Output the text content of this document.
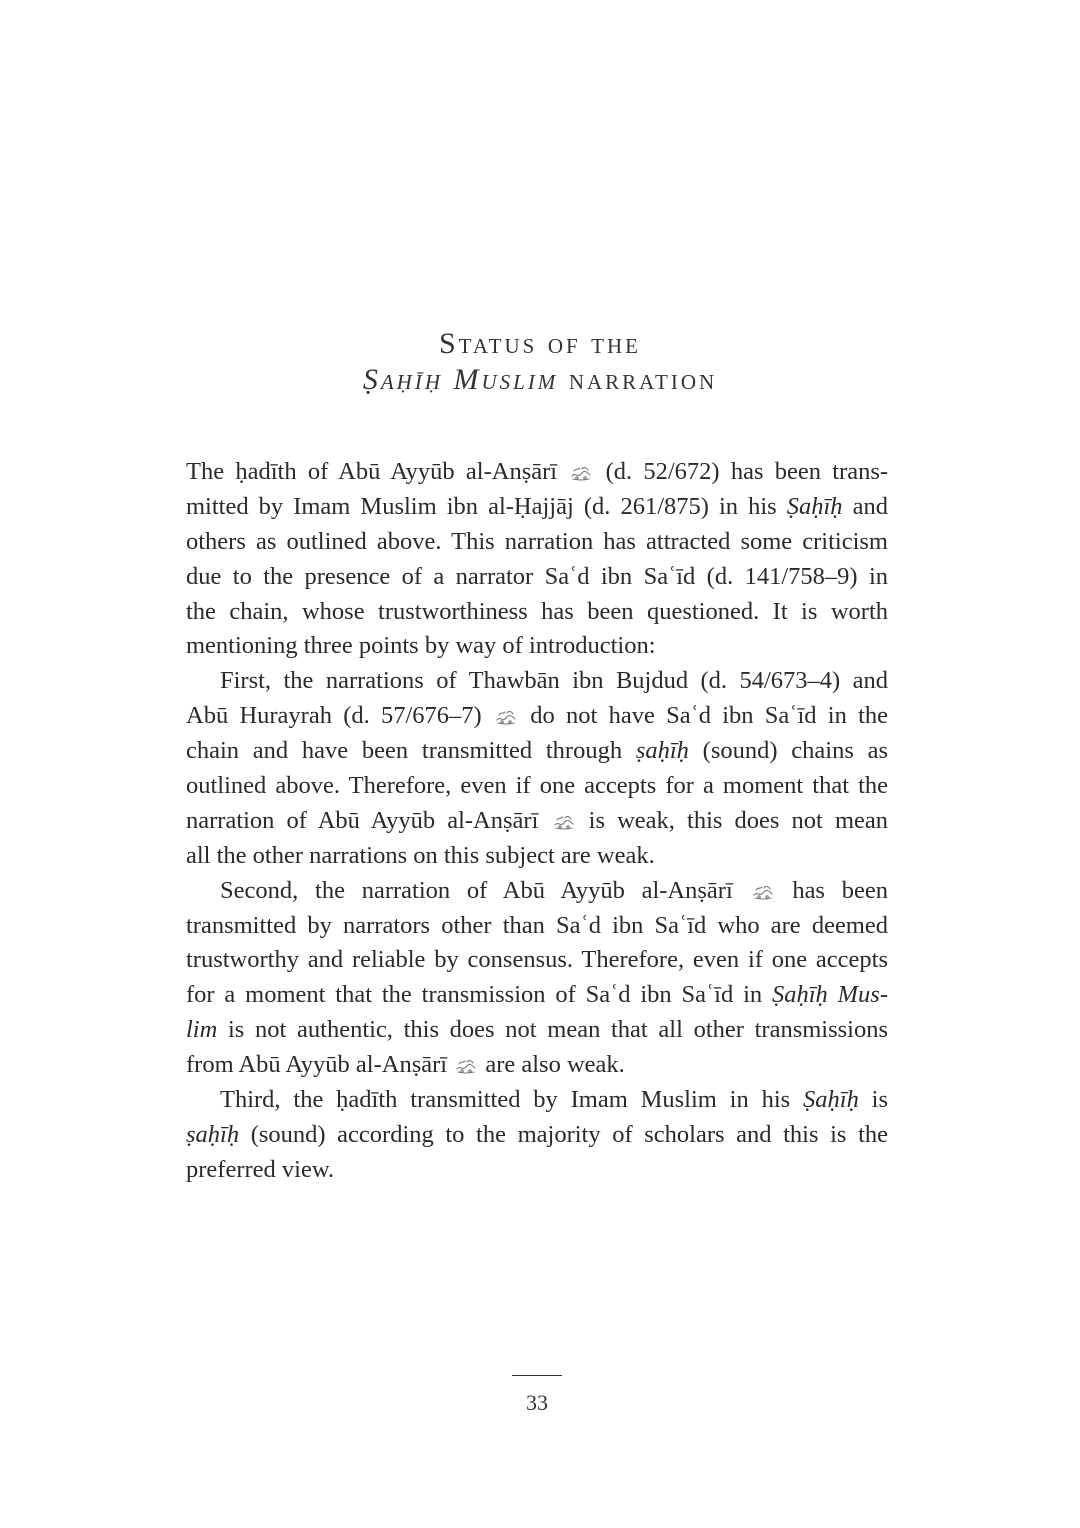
Status of the
Ṣaḥīḥ Muslim narration
The ḥadīth of Abū Ayyūb al-Anṣārī (d. 52/672) has been trans-
mitted by Imam Muslim ibn al-Ḥajjāj (d. 261/875) in his Ṣaḥīḥ and
others as outlined above. This narration has attracted some criticism
due to the presence of a narrator Saʿd ibn Saʿīd (d. 141/758–9) in
the chain, whose trustworthiness has been questioned. It is worth
mentioning three points by way of introduction:
First, the narrations of Thawbān ibn Bujdud (d. 54/673–4) and
Abū Hurayrah (d. 57/676–7) do not have Saʿd ibn Saʿīd in the
chain and have been transmitted through ṣaḥīḥ (sound) chains as
outlined above. Therefore, even if one accepts for a moment that the
narration of Abū Ayyūb al-Anṣārī is weak, this does not mean
all the other narrations on this subject are weak.
Second, the narration of Abū Ayyūb al-Anṣārī has been
transmitted by narrators other than Saʿd ibn Saʿīd who are deemed
trustworthy and reliable by consensus. Therefore, even if one accepts
for a moment that the transmission of Saʿd ibn Saʿīd in Ṣaḥīḥ Mus-
lim is not authentic, this does not mean that all other transmissions
from Abū Ayyūb al-Anṣārī are also weak.
Third, the ḥadīth transmitted by Imam Muslim in his Ṣaḥīḥ is
ṣaḥīḥ (sound) according to the majority of scholars and this is the
preferred view.
33
